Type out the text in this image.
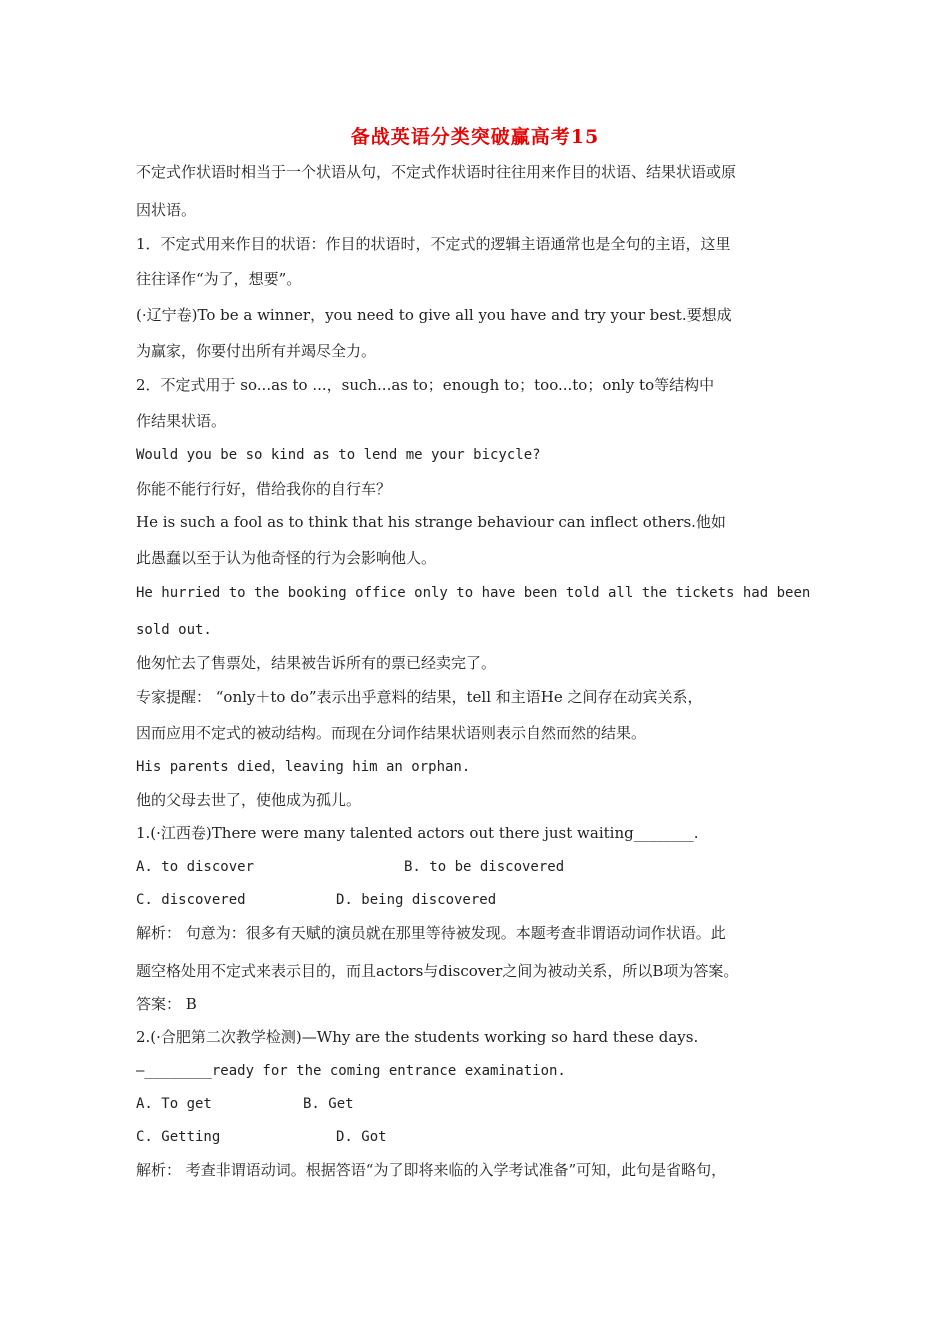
备战英语分类突破赢高考15
不定式作状语时相当于一个状语从句，不定式作状语时往往用来作目的状语、结果状语或原
因状语。
1．不定式用来作目的状语：作目的状语时，不定式的逻辑主语通常也是全句的主语，这里
往往译作“为了，想要”。
(·辽宁卷)To be a winner，you need to give all you have and try your best.要想成
为赢家，你要付出所有并竭尽全力。
2．不定式用于 so...as to ...，such...as to；enough to；too...to；only to等结构中
作结果状语。
Would you be so kind as to lend me your bicycle?
你能不能行行好，借给我你的自行车？
He is such a fool as to think that his strange behaviour can inflect others.他如
此愚蠢以至于认为他奇怪的行为会影响他人。
He hurried to the booking office only to have been told all the tickets had been
sold out.
他匆忙去了售票处，结果被告诉所有的票已经卖完了。
专家提醒： “only＋to do”表示出乎意料的结果，tell 和主语He 之间存在动宾关系，
因而应用不定式的被动结构。而现在分词作结果状语则表示自然而然的结果。
His parents died，leaving him an orphan.
他的父母去世了，使他成为孤儿。
1.(·江西卷)There were many talented actors out there just waiting________.
A. to discover	B. to be discovered
C. discovered	D. being discovered
解析： 句意为：很多有天赋的演员就在那里等待被发现。本题考查非谓语动词作状语。此
题空格处用不定式来表示目的，而且actors与discover之间为被动关系，所以B项为答案。
答案： B
2.(·合肥第二次教学检测)—Why are the students working so hard these days.
—________ready for the coming entrance examination.
A. To get	B. Get
C. Getting	D. Got
解析： 考查非谓语动词。根据答语“为了即将来临的入学考试准备”可知，此句是省略句，
